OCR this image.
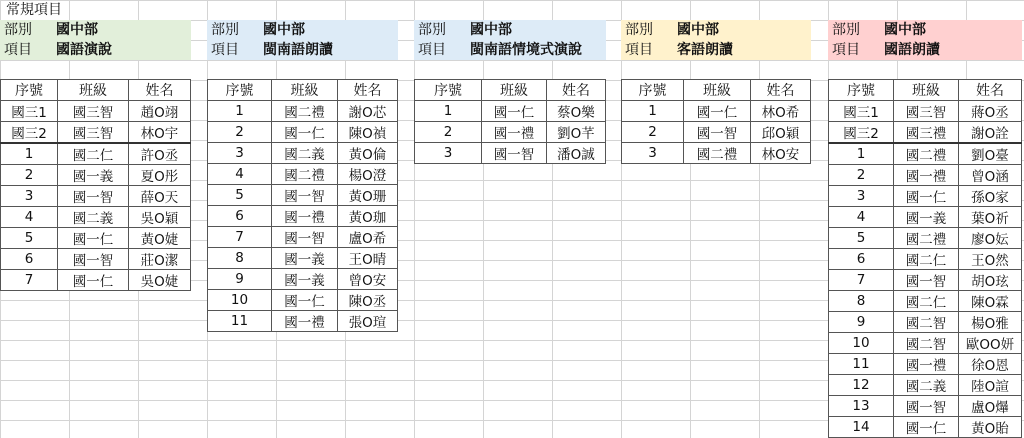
常規項目
部別	國中部
項目	國語演說
序號	班級	姓名
國三1	國三智	趙O翊
國三2	國三智	林O宇
1	國二仁	許O丞
2	國一義	夏O彤
3	國一智	薛O天
4	國二義	吳O穎
5	國一仁	黃O婕
6	國一智	莊O潔
7	國一仁	吳O婕
部別	國中部
項目	閩南語朗讀
序號	班級	姓名
1	國二禮	謝O芯
2	國一仁	陳O禎
3	國二義	黃O倫
4	國二禮	楊O澄
5	國一智	黃O珊
6	國一禮	黃O珈
7	國一智	盧O希
8	國一義	王O晴
9	國一義	曾O安
10	國一仁	陳O丞
11	國一禮	張O瑄
部別	國中部
項目	閩南語情境式演說
序號	班級	姓名
1	國一仁	蔡O樂
2	國一禮	劉O芊
3	國一智	潘O誠
部別	國中部
項目	客語朗讀
序號	班級	姓名
1	國一仁	林O希
2	國一智	邱O穎
3	國二禮	林O安
部別	國中部
項目	國語朗讀
序號	班級	姓名
國三1	國三智	蔣O丞
國三2	國三禮	謝O詮
1	國二禮	劉O臺
2	國一禮	曾O涵
3	國一仁	孫O家
4	國一義	葉O祈
5	國二禮	廖O妘
6	國二仁	王O然
7	國一智	胡O玹
8	國二仁	陳O霖
9	國二智	楊O雅
10	國二智	歐OO妍
11	國一禮	徐O恩
12	國二義	陸O諠
13	國一智	盧O爗
14	國一仁	黃O貽
